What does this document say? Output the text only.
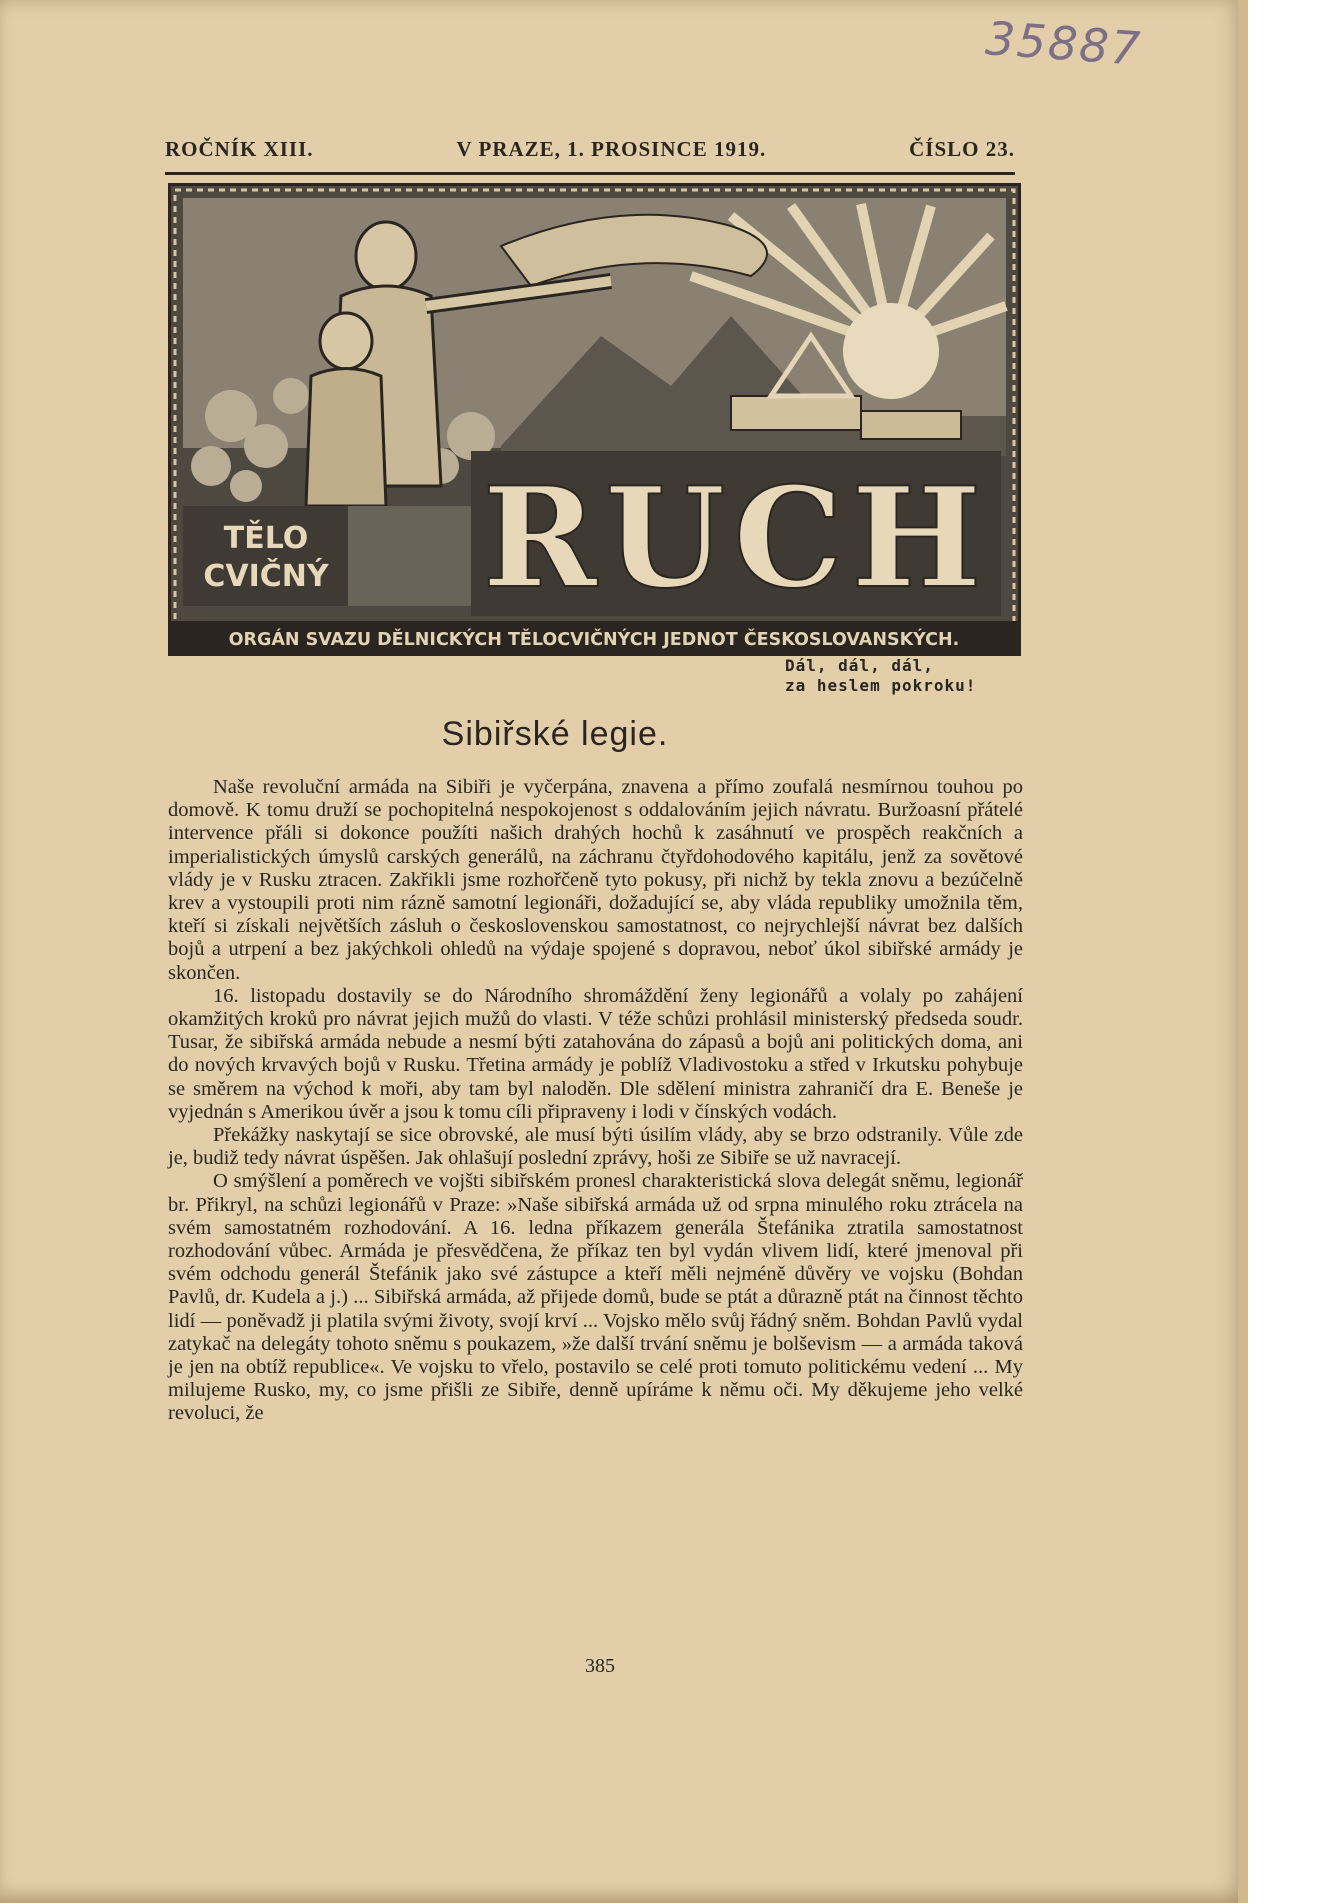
35887
ROČNÍK XIII.	V PRAZE, 1. PROSINCE 1919.	ČÍSLO 23.
RUCH
TĚLO
CVIČNÝ
ORGÁN SVAZU DĚLNICKÝCH TĚLOCVIČNÝCH JEDNOT ČESKOSLOVANSKÝCH.
Dál, dál, dál,
za heslem pokroku!
Sibiřské legie.

Naše revoluční armáda na Sibiři je vyčerpána, znavena a přímo zoufalá nesmírnou touhou po domově. K tomu druží se pochopitelná nespokojenost s oddalováním jejich návratu. Buržoasní přátelé intervence přáli si dokonce použíti našich drahých hochů k zasáhnutí ve prospěch reakčních a imperialistických úmyslů carských generálů, na záchranu čtyřdohodového kapitálu, jenž za sovětové vlády je v Rusku ztracen. Zakřikli jsme rozhořčeně tyto pokusy, při nichž by tekla znovu a bezúčelně krev a vystoupili proti nim rázně samotní legionáři, dožadující se, aby vláda republiky umožnila těm, kteří si získali největších zásluh o československou samostatnost, co nejrychlejší návrat bez dalších bojů a utrpení a bez jakýchkoli ohledů na výdaje spojené s dopravou, neboť úkol sibiřské armády je skončen.

16. listopadu dostavily se do Národního shromáždění ženy legionářů a volaly po zahájení okamžitých kroků pro návrat jejich mužů do vlasti. V téže schůzi prohlásil ministerský předseda soudr. Tusar, že sibiřská armáda nebude a nesmí býti zatahována do zápasů a bojů ani politických doma, ani do nových krvavých bojů v Rusku. Třetina armády je poblíž Vladivostoku a střed v Irkutsku pohybuje se směrem na východ k moři, aby tam byl naloděn. Dle sdělení ministra zahraničí dra E. Beneše je vyjednán s Amerikou úvěr a jsou k tomu cíli připraveny i lodi v čínských vodách.

Překážky naskytají se sice obrovské, ale musí býti úsilím vlády, aby se brzo odstranily. Vůle zde je, budiž tedy návrat úspěšen. Jak ohlašují poslední zprávy, hoši ze Sibiře se už navracejí.

O smýšlení a poměrech ve vojšti sibiřském pronesl charakteristická slova delegát sněmu, legionář br. Přikryl, na schůzi legionářů v Praze: »Naše sibiřská armáda už od srpna minulého roku ztrácela na svém samostatném rozhodování. A 16. ledna příkazem generála Štefánika ztratila samostatnost rozhodování vůbec. Armáda je přesvědčena, že příkaz ten byl vydán vlivem lidí, které jmenoval při svém odchodu generál Štefánik jako své zástupce a kteří měli nejméně důvěry ve vojsku (Bohdan Pavlů, dr. Kudela a j.) ... Sibiřská armáda, až přijede domů, bude se ptát a důrazně ptát na činnost těchto lidí — poněvadž ji platila svými životy, svojí krví ... Vojsko mělo svůj řádný sněm. Bohdan Pavlů vydal zatykač na delegáty tohoto sněmu s poukazem, »že další trvání sněmu je bolševism — a armáda taková je jen na obtíž republice«. Ve vojsku to vřelo, postavilo se celé proti tomuto politickému vedení ... My milujeme Rusko, my, co jsme přišli ze Sibiře, denně upíráme k němu oči. My děkujeme jeho velké revoluci, že

385
